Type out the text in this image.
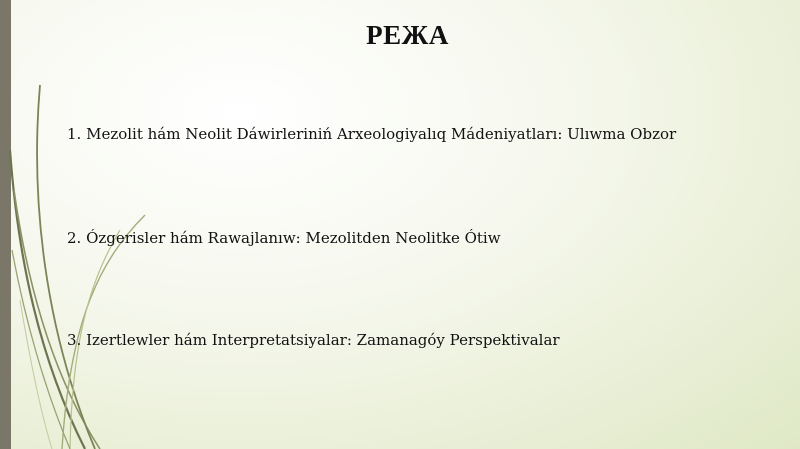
РЕЖА
1. Mezolit hám Neolit Dáwirleriniń Arxeologiyalıq Mádeniyatları: Ulıwma Obzor
2. Ózgerisler hám Rawajlanıw: Mezolitden Neolitke Ótiw
3. Izertlewler hám Interpretatsiyalar: Zamanagóy Perspektivalar
